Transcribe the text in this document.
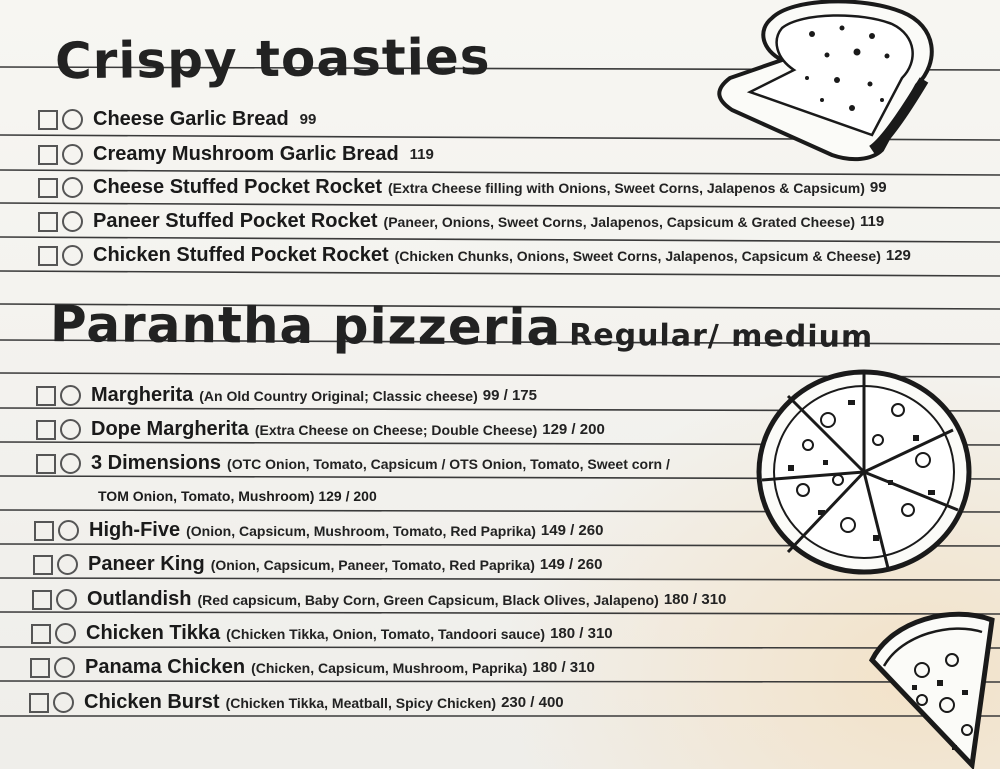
Crispy toasties
Cheese Garlic Bread 99
Creamy Mushroom Garlic Bread 119
Cheese Stuffed Pocket Rocket (Extra Cheese filling with Onions, Sweet Corns, Jalapenos & Capsicum) 99
Paneer Stuffed Pocket Rocket (Paneer, Onions, Sweet Corns, Jalapenos, Capsicum & Grated Cheese) 119
Chicken Stuffed Pocket Rocket (Chicken Chunks, Onions, Sweet Corns, Jalapenos, Capsicum & Cheese) 129
Parantha pizzeria Regular/ medium
Margherita (An Old Country Original; Classic cheese) 99 / 175
Dope Margherita (Extra Cheese on Cheese; Double Cheese) 129 / 200
3 Dimensions (OTC Onion, Tomato, Capsicum / OTS Onion, Tomato, Sweet corn /
TOM Onion, Tomato, Mushroom) 129 / 200
High-Five (Onion, Capsicum, Mushroom, Tomato, Red Paprika) 149 / 260
Paneer King (Onion, Capsicum, Paneer, Tomato, Red Paprika) 149 / 260
Outlandish (Red capsicum, Baby Corn, Green Capsicum, Black Olives, Jalapeno) 180 / 310
Chicken Tikka (Chicken Tikka, Onion, Tomato, Tandoori sauce) 180 / 310
Panama Chicken (Chicken, Capsicum, Mushroom, Paprika) 180 / 310
Chicken Burst (Chicken Tikka, Meatball, Spicy Chicken) 230 / 400
